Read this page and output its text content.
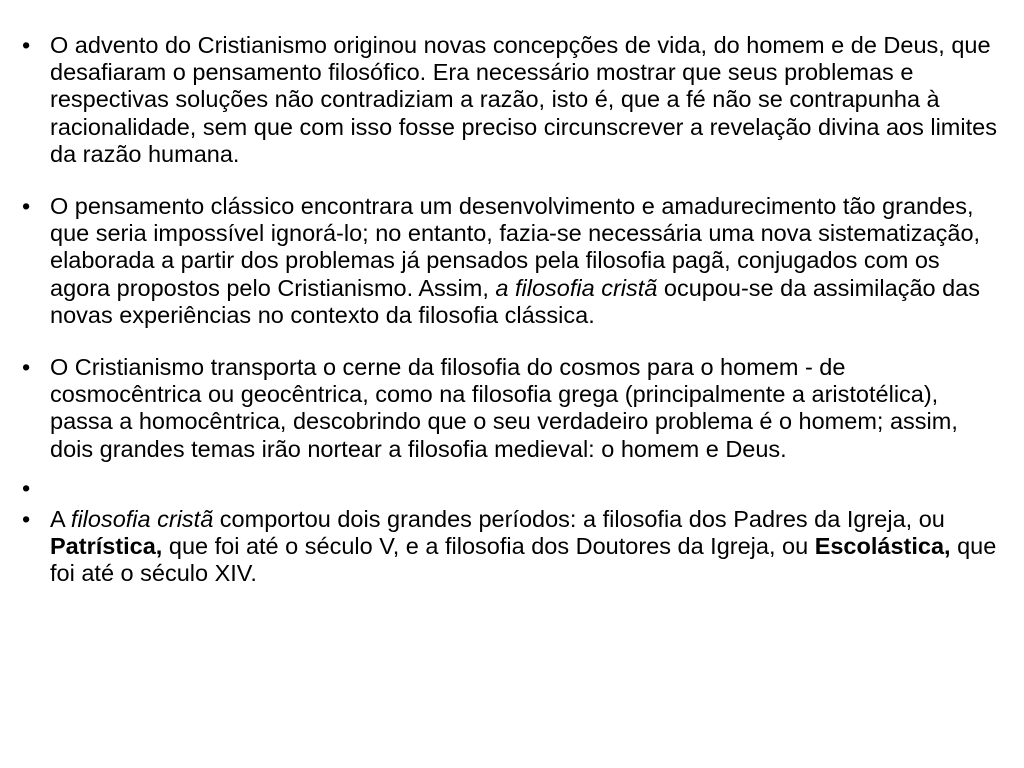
• O advento do Cristianismo originou novas concepções de vida, do homem e de Deus, que desafiaram o pensamento filosófico. Era necessário mostrar que seus problemas e respectivas soluções não contradiziam a razão, isto é, que a fé não se contrapunha à racionalidade, sem que com isso fosse preciso circunscrever a revelação divina aos limites da razão humana.
• O pensamento clássico encontrara um desenvolvimento e amadurecimento tão grandes, que seria impossível ignorá-lo; no entanto, fazia-se necessária uma nova sistematização, elaborada a partir dos problemas já pensados pela filosofia pagã, conjugados com os agora propostos pelo Cristianismo. Assim, a filosofia cristã ocupou-se da assimilação das novas experiências no contexto da filosofia clássica.
• O Cristianismo transporta o cerne da filosofia do cosmos para o homem - de cosmocêntrica ou geocêntrica, como na filosofia grega (principalmente a aristotélica), passa a homocêntrica, descobrindo que o seu verdadeiro problema é o homem; assim, dois grandes temas irão nortear a filosofia medieval: o homem e Deus.
•
• A filosofia cristã comportou dois grandes períodos: a filosofia dos Padres da Igreja, ou Patrística, que foi até o século V, e a filosofia dos Doutores da Igreja, ou Escolástica, que foi até o século XIV.
